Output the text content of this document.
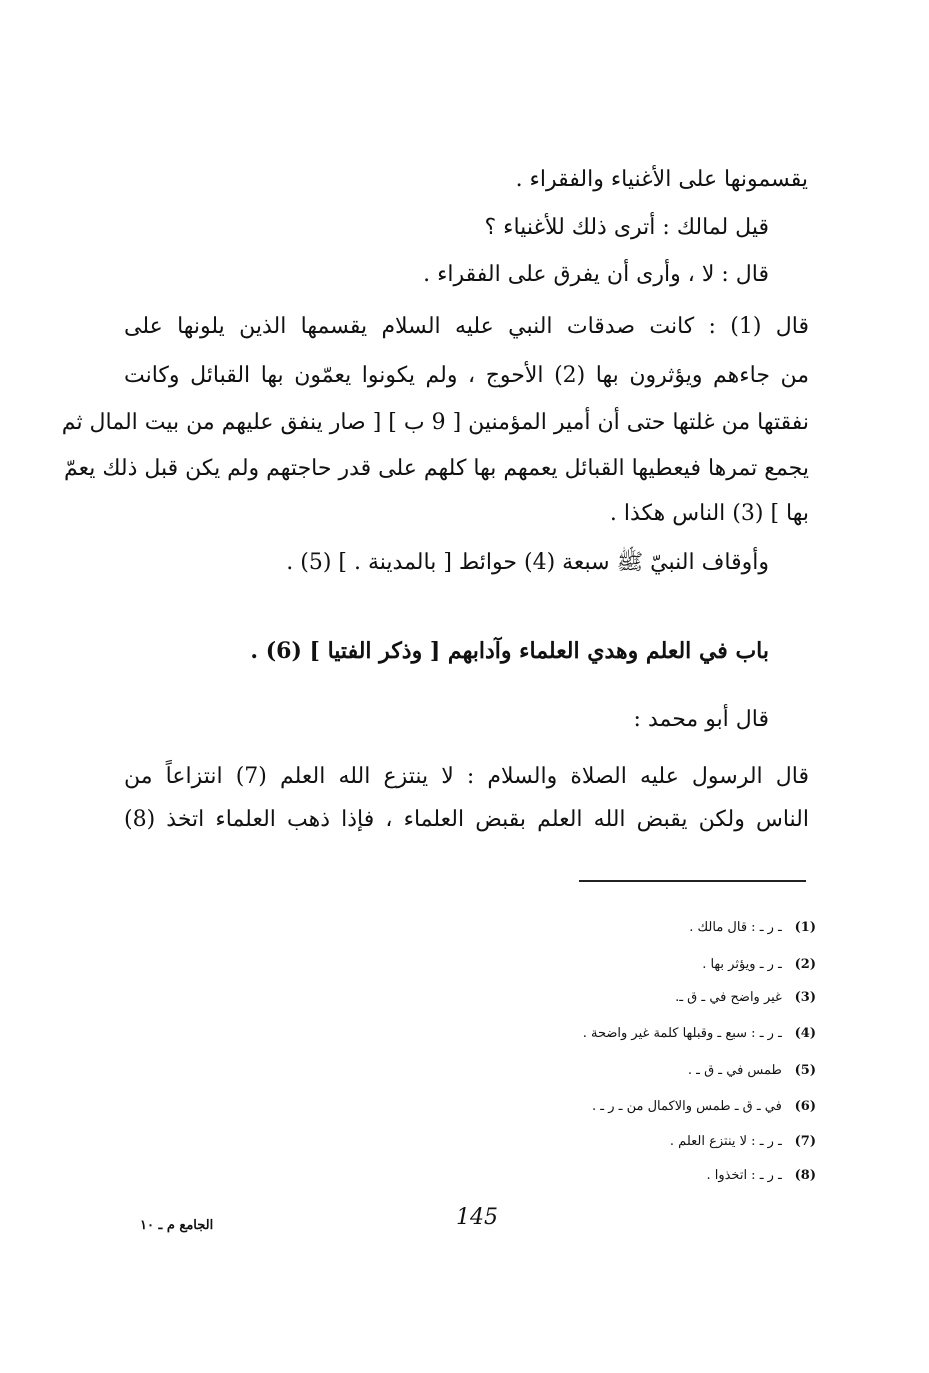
يقسمونها على الأغنياء والفقراء .
قيل لمالك : أترى ذلك للأغنياء ؟
قال : لا ، وأرى أن يفرق على الفقراء .
قال (1) : كانت صدقات النبي عليه السلام يقسمها الذين يلونها على
من جاءهم ويؤثرون بها (2) الأحوج ، ولم يكونوا يعمّون بها القبائل وكانت
نفقتها من غلتها حتى أن أمير المؤمنين [ 9 ب ] [ صار ينفق عليهم من بيت المال ثم
يجمع تمرها فيعطيها القبائل يعمهم بها كلهم على قدر حاجتهم ولم يكن قبل ذلك يعمّ
بها ] (3) الناس هكذا .
وأوقاف النبيّ ﷺ سبعة (4) حوائط [ بالمدينة . ] (5) .
باب في العلم وهدي العلماء وآدابهم [ وذكر الفتيا ] (6) .
قال أبو محمد :
قال الرسول عليه الصلاة والسلام : لا ينتزع الله العلم (7) انتزاعاً من
الناس ولكن يقبض الله العلم بقبض العلماء ، فإذا ذهب العلماء اتخذ (8)
(1) ـ ر ـ : قال مالك .
(2) ـ ر ـ ويؤثر بها .
(3) غير واضح في ـ ق ـ.
(4) ـ ر ـ : سبع ـ وقبلها كلمة غير واضحة .
(5) طمس في ـ ق ـ .
(6) في ـ ق ـ طمس والاكمال من ـ ر ـ .
(7) ـ ر ـ : لا ينتزع العلم .
(8) ـ ر ـ : اتخذوا .
145
الجامع م ـ ١٠
